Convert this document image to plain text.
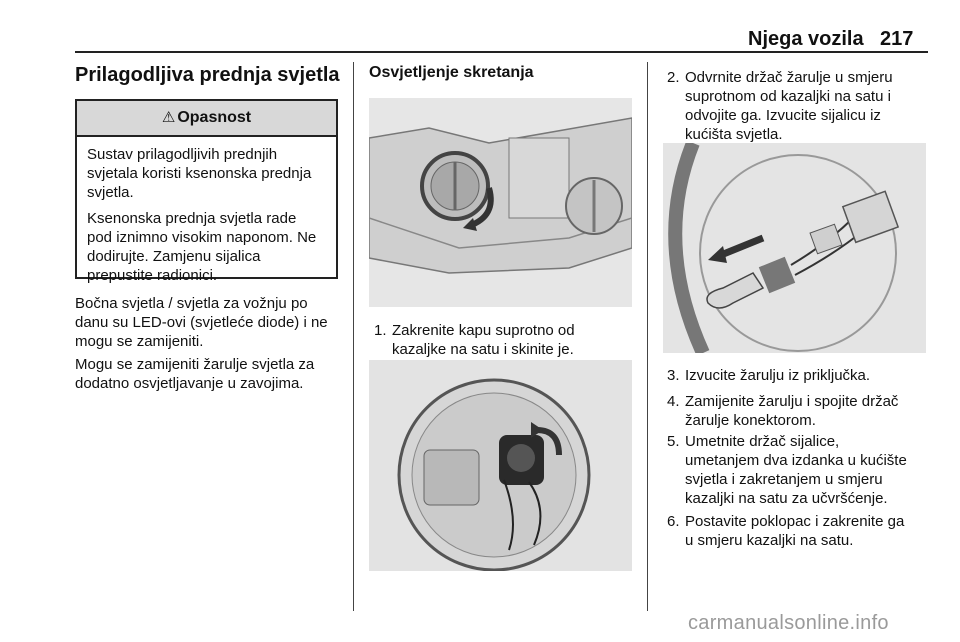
Njega vozila 217
Prilagodljiva prednja svjetla
⚠ Opasnost

Sustav prilagodljivih prednjih
svjetala koristi ksenonska prednja
svjetla.

Ksenonska prednja svjetla rade
pod iznimno visokim naponom. Ne
dodirujte. Zamjenu sijalica
prepustite radionici.

Bočna svjetla / svjetla za vožnju po
danu su LED-ovi (svjetleće diode) i ne
mogu se zamijeniti.
Mogu se zamijeniti žarulje svjetla za
dodatno osvjetljavanje u zavojima.
Osvjetljenje skretanja
1. Zakrenite kapu suprotno od
kazaljke na satu i skinite je.
2. Odvrnite držač žarulje u smjeru
suprotnom od kazaljki na satu i
odvojite ga. Izvucite sijalicu iz
kućišta svjetla.
3. Izvucite žarulju iz priključka.
4. Zamijenite žarulju i spojite držač
žarulje konektorom.
5. Umetnite držač sijalice,
umetanjem dva izdanka u kućište
svjetla i zakretanjem u smjeru
kazaljki na satu za učvršćenje.
6. Postavite poklopac i zakrenite ga
u smjeru kazaljki na satu.
carmanualsonline.info
